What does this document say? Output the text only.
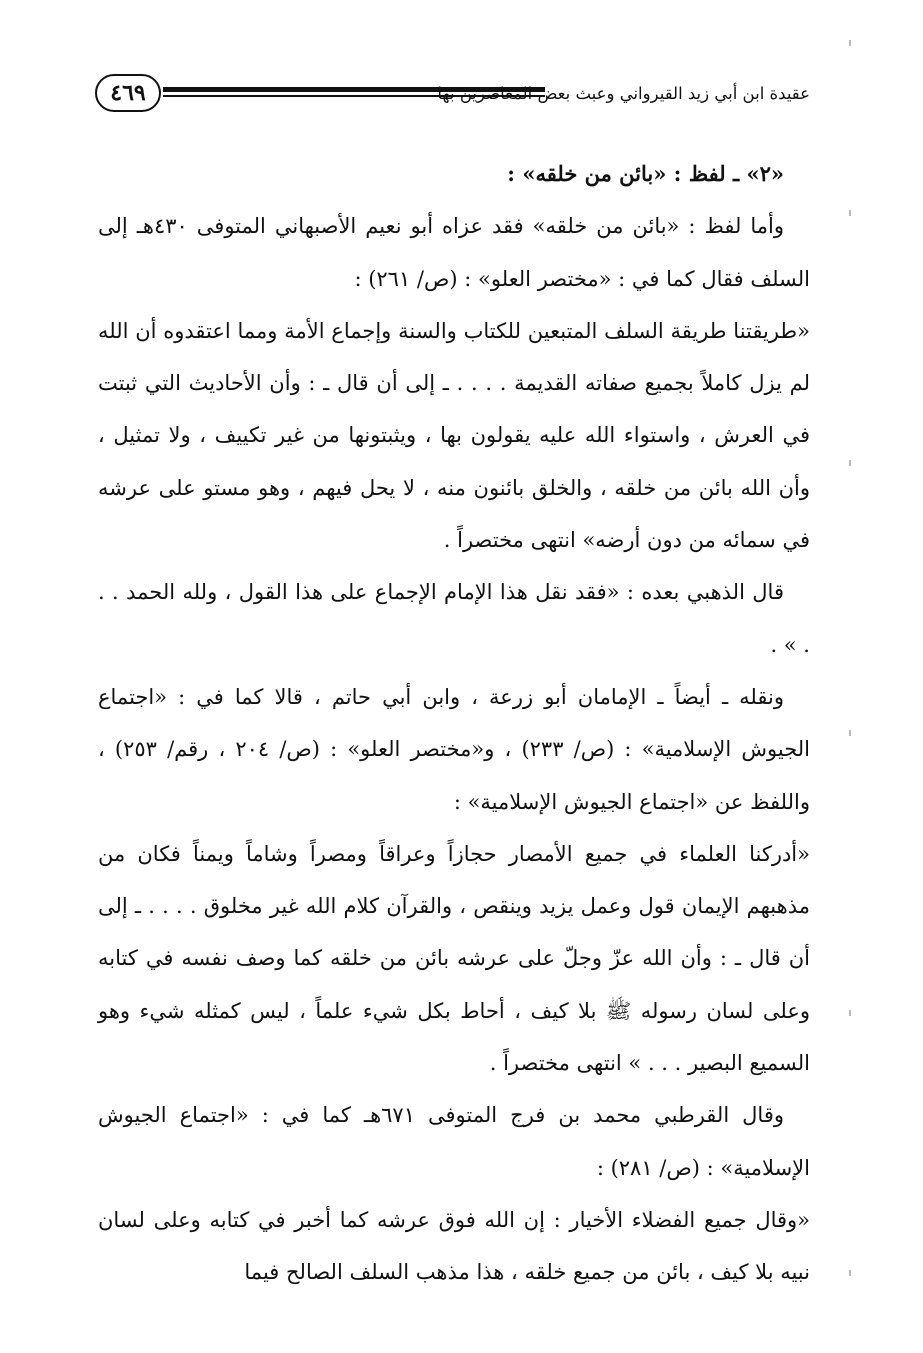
٤٦٩	عقيدة ابن أبي زيد القيرواني وعبث بعض المعاصرين بها

«٢» ـ لفظ : «بائن من خلقه» :

وأما لفظ : «بائن من خلقه» فقد عزاه أبو نعيم الأصبهاني المتوفى ٤٣٠هـ إلى السلف فقال كما في : «مختصر العلو» : (ص/ ٢٦١) :

«طريقتنا طريقة السلف المتبعين للكتاب والسنة وإجماع الأمة ومما اعتقدوه أن الله لم يزل كاملاً بجميع صفاته القديمة . . . . ـ إلى أن قال ـ : وأن الأحاديث التي ثبتت في العرش ، واستواء الله عليه يقولون بها ، ويثبتونها من غير تكييف ، ولا تمثيل ، وأن الله بائن من خلقه ، والخلق بائنون منه ، لا يحل فيهم ، وهو مستو على عرشه في سمائه من دون أرضه» انتهى مختصراً .

قال الذهبي بعده : «فقد نقل هذا الإمام الإجماع على هذا القول ، ولله الحمد . . . » .

ونقله ـ أيضاً ـ الإمامان أبو زرعة ، وابن أبي حاتم ، قالا كما في : «اجتماع الجيوش الإسلامية» : (ص/ ٢٣٣) ، و«مختصر العلو» : (ص/ ٢٠٤ ، رقم/ ٢٥٣) ، واللفظ عن «اجتماع الجيوش الإسلامية» :

«أدركنا العلماء في جميع الأمصار حجازاً وعراقاً ومصراً وشاماً ويمناً فكان من مذهبهم الإيمان قول وعمل يزيد وينقص ، والقرآن كلام الله غير مخلوق . . . . ـ إلى أن قال ـ : وأن الله عزّ وجلّ على عرشه بائن من خلقه كما وصف نفسه في كتابه وعلى لسان رسوله ﷺ بلا كيف ، أحاط بكل شيء علماً ، ليس كمثله شيء وهو السميع البصير . . . » انتهى مختصراً .

وقال القرطبي محمد بن فرج المتوفى ٦٧١هـ كما في : «اجتماع الجيوش الإسلامية» : (ص/ ٢٨١) :

«وقال جميع الفضلاء الأخيار : إن الله فوق عرشه كما أخبر في كتابه وعلى لسان نبيه بلا كيف ، بائن من جميع خلقه ، هذا مذهب السلف الصالح فيما
